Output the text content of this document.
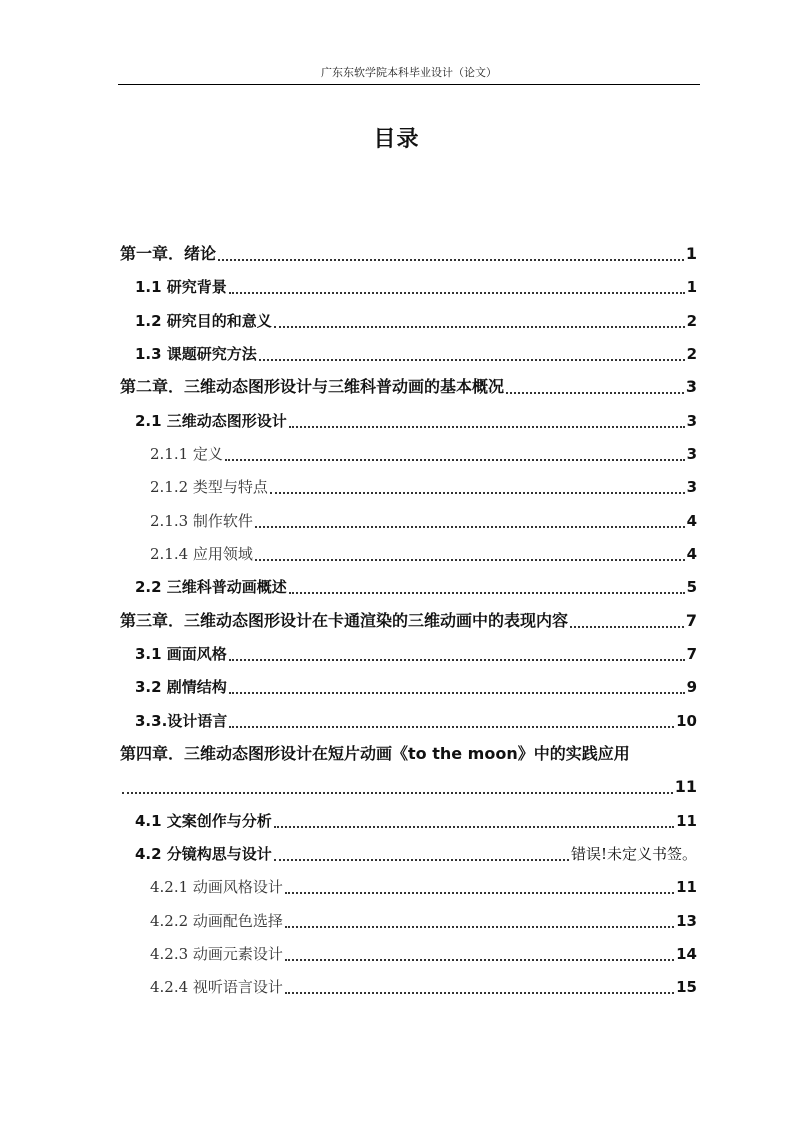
广东东软学院本科毕业设计（论文）
目录
第一章．绪论	1
1.1 研究背景	1
1.2 研究目的和意义	2
1.3 课题研究方法	2
第二章．三维动态图形设计与三维科普动画的基本概况	3
2.1 三维动态图形设计	3
2.1.1 定义	3
2.1.2 类型与特点	3
2.1.3 制作软件	4
2.1.4 应用领域	4
2.2 三维科普动画概述	5
第三章．三维动态图形设计在卡通渲染的三维动画中的表现内容	7
3.1 画面风格	7
3.2 剧情结构	9
3.3.设计语言	10
第四章．三维动态图形设计在短片动画《to the moon》中的实践应用
11
4.1 文案创作与分析	11
4.2 分镜构思与设计	错误!未定义书签。
4.2.1 动画风格设计	11
4.2.2 动画配色选择	13
4.2.3 动画元素设计	14
4.2.4 视听语言设计	15
